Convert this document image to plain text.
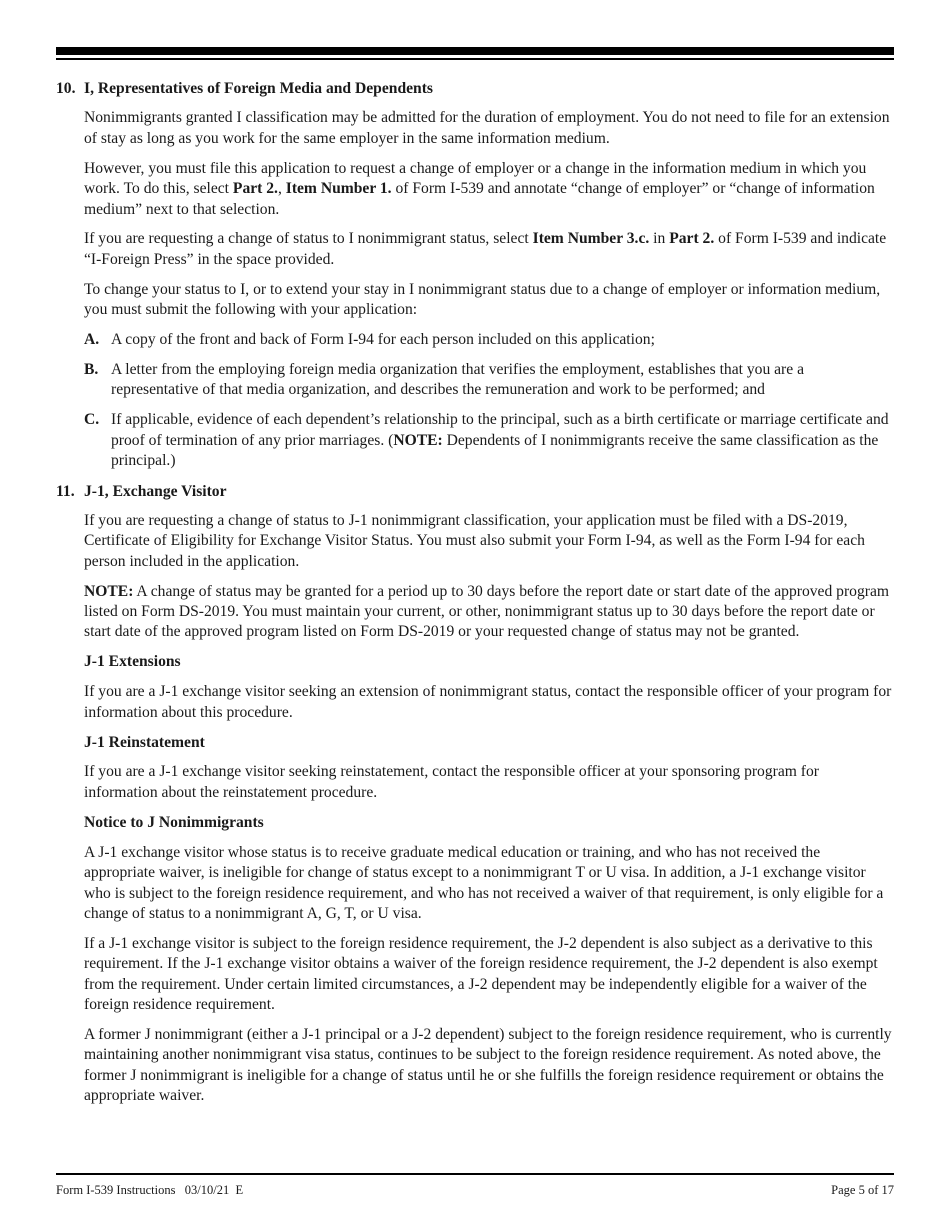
10. I, Representatives of Foreign Media and Dependents

Nonimmigrants granted I classification may be admitted for the duration of employment. You do not need to file for an extension of stay as long as you work for the same employer in the same information medium.

However, you must file this application to request a change of employer or a change in the information medium in which you work. To do this, select Part 2., Item Number 1. of Form I-539 and annotate “change of employer” or “change of information medium” next to that selection.

If you are requesting a change of status to I nonimmigrant status, select Item Number 3.c. in Part 2. of Form I-539 and indicate “I-Foreign Press” in the space provided.

To change your status to I, or to extend your stay in I nonimmigrant status due to a change of employer or information medium, you must submit the following with your application:

A. A copy of the front and back of Form I-94 for each person included on this application;
B. A letter from the employing foreign media organization that verifies the employment, establishes that you are a representative of that media organization, and describes the remuneration and work to be performed; and
C. If applicable, evidence of each dependent’s relationship to the principal, such as a birth certificate or marriage certificate and proof of termination of any prior marriages. (NOTE: Dependents of I nonimmigrants receive the same classification as the principal.)
11. J-1, Exchange Visitor

If you are requesting a change of status to J-1 nonimmigrant classification, your application must be filed with a DS-2019, Certificate of Eligibility for Exchange Visitor Status. You must also submit your Form I-94, as well as the Form I-94 for each person included in the application.

NOTE: A change of status may be granted for a period up to 30 days before the report date or start date of the approved program listed on Form DS-2019. You must maintain your current, or other, nonimmigrant status up to 30 days before the report date or start date of the approved program listed on Form DS-2019 or your requested change of status may not be granted.

J-1 Extensions

If you are a J-1 exchange visitor seeking an extension of nonimmigrant status, contact the responsible officer of your program for information about this procedure.

J-1 Reinstatement

If you are a J-1 exchange visitor seeking reinstatement, contact the responsible officer at your sponsoring program for information about the reinstatement procedure.

Notice to J Nonimmigrants

A J-1 exchange visitor whose status is to receive graduate medical education or training, and who has not received the appropriate waiver, is ineligible for change of status except to a nonimmigrant T or U visa. In addition, a J-1 exchange visitor who is subject to the foreign residence requirement, and who has not received a waiver of that requirement, is only eligible for a change of status to a nonimmigrant A, G, T, or U visa.

If a J-1 exchange visitor is subject to the foreign residence requirement, the J-2 dependent is also subject as a derivative to this requirement. If the J-1 exchange visitor obtains a waiver of the foreign residence requirement, the J-2 dependent is also exempt from the requirement. Under certain limited circumstances, a J-2 dependent may be independently eligible for a waiver of the foreign residence requirement.

A former J nonimmigrant (either a J-1 principal or a J-2 dependent) subject to the foreign residence requirement, who is currently maintaining another nonimmigrant visa status, continues to be subject to the foreign residence requirement. As noted above, the former J nonimmigrant is ineligible for a change of status until he or she fulfills the foreign residence requirement or obtains the appropriate waiver.

Form I-539 Instructions   03/10/21  E	Page 5 of 17
